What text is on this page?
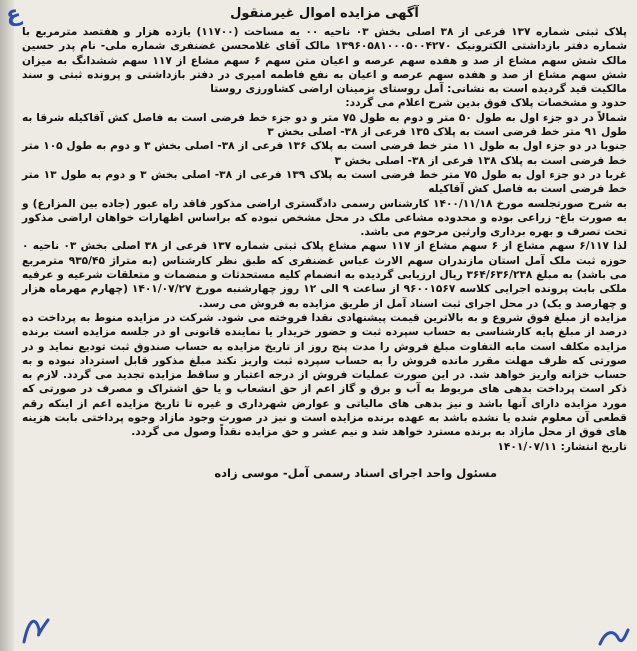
ﻉ	آگهی مزایده اموال غیرمنقول

پلاک ثبتی شماره ۱۳۷ فرعی از ۳۸ اصلی بخش ۰۳ ناحیه ۰۰ به مساحت (۱۱۷۰۰) یازده هزار و هفتصد مترمربع با شماره دفتر بازداشتی الکترونیک ۱۳۹۶۰۵۸۱۰۰۰۵۰۰۴۲۷۰ مالک آقای غلامحسن غضنفری شماره ملی- نام پدر حسین مالک شش سهم مشاع از صد و هفده سهم عرصه و اعیان متن سهم ۶ سهم مشاع از ۱۱۷ سهم ششدانگ به میزان شش سهم مشاع از صد و هفده سهم عرصه و اعیان به نفع فاطمه امیری در دفتر بازداشتی و پرونده ثبتی و سند مالکیت قید گردیده است به نشانی: آمل روستای بزمینان اراضی کشاورزی روستا

حدود و مشخصات پلاک فوق بدین شرح اعلام می گردد:

شمالاً در دو جزء اول به طول ۵۰ متر و دوم به طول ۷۵ متر و دو جزء خط فرضی است به فاصل کش آقاکیله شرقا به طول ۹۱ متر خط فرضی است به پلاک ۱۳۵ فرعی از ۳۸- اصلی بخش ۳

جنوبا در دو جزء اول به طول ۱۱ متر خط فرضی است به پلاک ۱۳۶ فرعی از ۳۸- اصلی بخش ۳ و دوم به طول ۱۰۵ متر خط فرضی است به پلاک ۱۳۸ فرعی از ۳۸- اصلی بخش ۳

غربا در دو جزء اول به طول ۷۵ متر خط فرضی است به پلاک ۱۳۹ فرعی از ۳۸- اصلی بخش ۳ و دوم به طول ۱۳ متر خط فرضی است به فاصل کش آقاکیله

به شرح صورتجلسه مورخ ۱۴۰۰/۱۱/۱۸ کارشناس رسمی دادگستری اراضی مذکور فاقد راه عبور (جاده بین المزارع) و به صورت باغ- زراعی بوده و محدوده مشاعی ملک در محل مشخص نبوده که براساس اظهارات خواهان اراضی مذکور تحت تصرف و بهره برداری وارثین مرحوم می باشد.

لذا ۶/۱۱۷ سهم مشاع از ۶ سهم مشاع از ۱۱۷ سهم مشاع پلاک ثبتی شماره ۱۳۷ فرعی از ۳۸ اصلی بخش ۰۳ ناحیه ۰ حوزه ثبت ملک آمل استان مازندران سهم الارث عباس غضنفری که طبق نظر کارشناس (به متراژ ۹۳۵/۴۵ مترمربع می باشد) به مبلغ ۳۶۴/۶۳۶/۲۳۸ ریال ارزیابی گردیده به انضمام کلیه مستحدثات و منضمات و متعلقات شرعیه و عرفیه ملکی بابت پرونده اجرایی کلاسه ۹۶۰۰۱۵۶۷ از ساعت ۹ الی ۱۲ روز چهارشنبه مورخ ۱۴۰۱/۰۷/۲۷ (چهارم مهرماه هزار و چهارصد و یک) در محل اجرای ثبت اسناد آمل از طریق مزایده به فروش می رسد.

مزایده از مبلغ فوق شروع و به بالاترین قیمت پیشنهادی نقدا فروخته می شود. شرکت در مزایده منوط به پرداخت ده درصد از مبلغ پایه کارشناسی به حساب سپرده ثبت و حضور خریدار یا نماینده قانونی او در جلسه مزایده است برنده مزایده مکلف است مابه التفاوت مبلغ فروش را مدت پنج روز از تاریخ مزایده به حساب صندوق ثبت تودیع نماید و در صورتی که ظرف مهلت مقرر مانده فروش را به حساب سپرده ثبت واریز نکند مبلغ مذکور قابل استرداد نبوده و به حساب خزانه واریز خواهد شد. در این صورت عملیات فروش از درجه اعتبار و ساقط مزایده تجدید می گردد. لازم به ذکر است پرداخت بدهی های مربوط به آب و برق و گاز اعم از حق انشعاب و یا حق اشتراک و مصرف در صورتی که مورد مزایده دارای آنها باشد و نیز بدهی های مالیاتی و عوارض شهرداری و غیره تا تاریخ مزایده اعم از اینکه رقم قطعی آن معلوم شده یا نشده باشد به عهده برنده مزایده است و نیز در صورت وجود مازاد وجوه پرداختی بابت هزینه های فوق از محل مازاد به برنده مسترد خواهد شد و نیم عشر و حق مزایده نقداً وصول می گردد.

تاریخ انتشار: ۱۴۰۱/۰۷/۱۱

مسئول واحد اجرای اسناد رسمی آمل- موسی زاده
